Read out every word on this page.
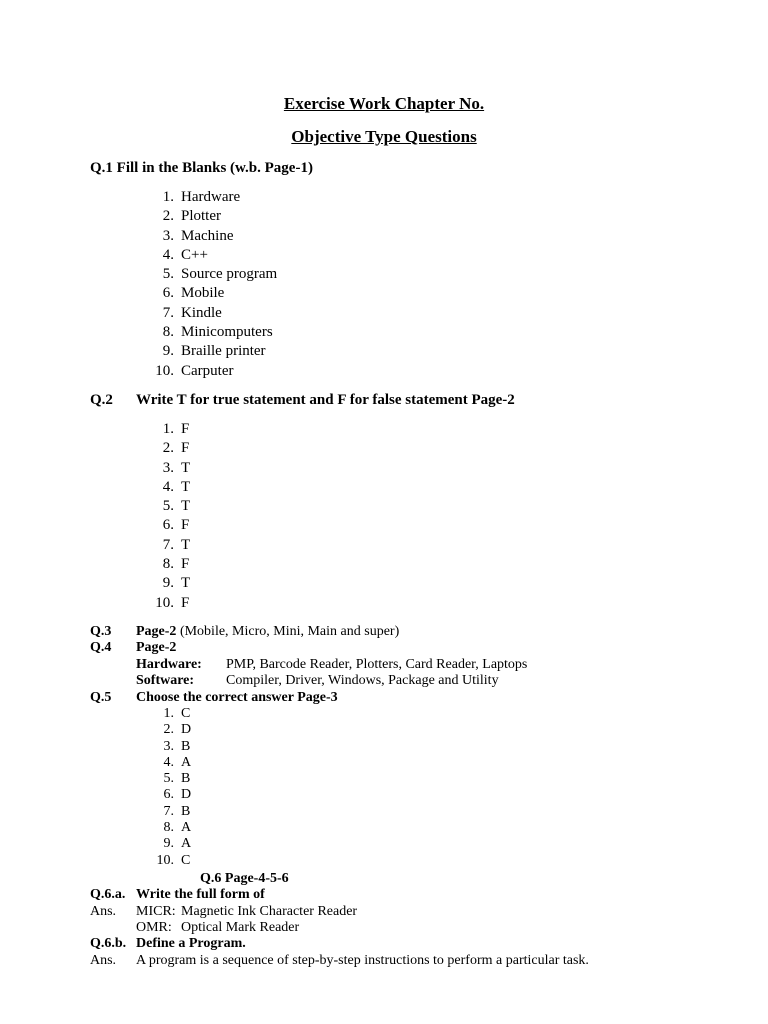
Exercise Work Chapter No.
Objective Type Questions
Q.1 Fill in the Blanks (w.b. Page-1)
1. Hardware
2. Plotter
3. Machine
4. C++
5. Source program
6. Mobile
7. Kindle
8. Minicomputers
9. Braille printer
10. Carputer
Q.2 Write T for true statement and F for false statement Page-2
1. F
2. F
3. T
4. T
5. T
6. F
7. T
8. F
9. T
10. F
Q.3 Page-2 (Mobile, Micro, Mini, Main and super)
Q.4 Page-2
Hardware: PMP, Barcode Reader, Plotters, Card Reader, Laptops
Software: Compiler, Driver, Windows, Package and Utility
Q.5 Choose the correct answer Page-3
1. C
2. D
3. B
4. A
5. B
6. D
7. B
8. A
9. A
10. C
Q.6 Page-4-5-6
Q.6.a. Write the full form of
Ans. MICR: Magnetic Ink Character Reader
OMR: Optical Mark Reader
Q.6.b. Define a Program.
Ans. A program is a sequence of step-by-step instructions to perform a particular task.
